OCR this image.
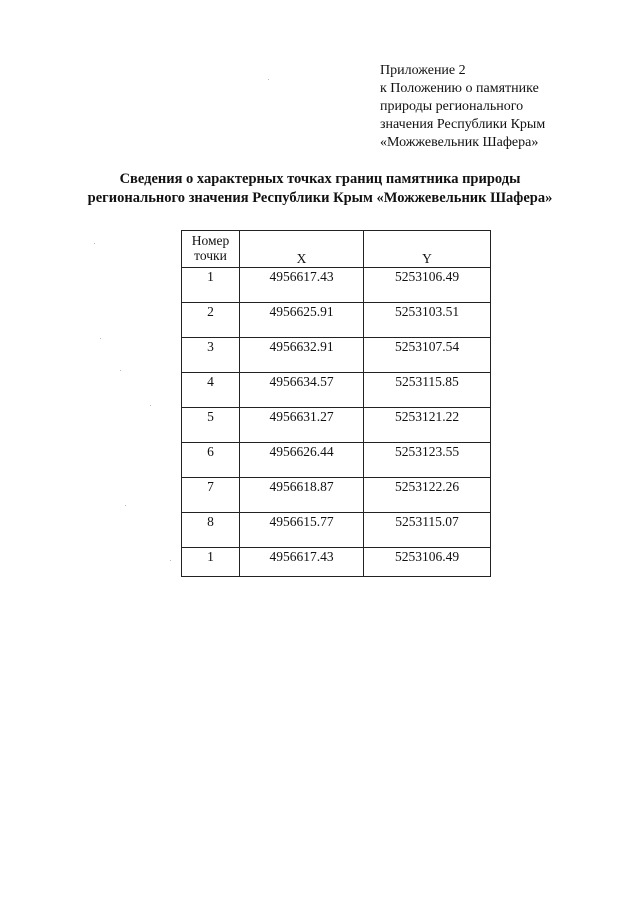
Приложение 2
к Положению о памятнике
природы регионального
значения Республики Крым
«Можжевельник Шафера»
Сведения о характерных точках границ памятника природы
регионального значения Республики Крым «Можжевельник Шафера»
Номер
точки	X	Y
1	4956617.43	5253106.49
2	4956625.91	5253103.51
3	4956632.91	5253107.54
4	4956634.57	5253115.85
5	4956631.27	5253121.22
6	4956626.44	5253123.55
7	4956618.87	5253122.26
8	4956615.77	5253115.07
1	4956617.43	5253106.49
